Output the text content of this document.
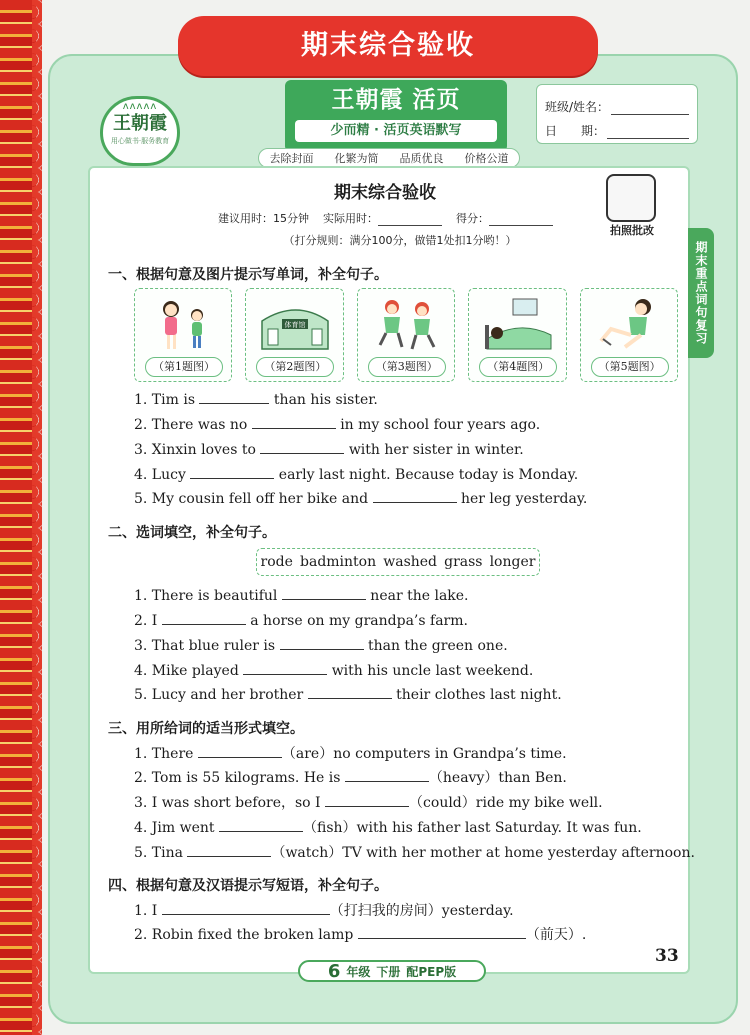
期末综合验收
ʌʌʌʌʌ
王朝霞
用心做书·服务教育
王朝霞 活页
少而精 · 活页英语默写
班级/姓名：
日　　期：
去除封面 化繁为简 品质优良 价格公道
期末重点词句复习
期末综合验收
拍照批改
建议用时：15分钟 实际用时：	得分：
（打分规则：满分100分，做错1处扣1分哟！）
一、根据句意及图片提示写单词，补全句子。
（第1题图）
体育馆
（第2题图）	（第3题图）	（第4题图）	（第5题图）
1. Tim is	than his sister.
2. There was no	in my school four years ago.
3. Xinxin loves to	with her sister in winter.
4. Lucy	early last night. Because today is Monday.
5. My cousin fell off her bike and	her leg yesterday.
二、选词填空，补全句子。
rode badminton washed grass longer
1. There is beautiful	near the lake.
2. I	a horse on my grandpa’s farm.
3. That blue ruler is	than the green one.
4. Mike played	with his uncle last weekend.
5. Lucy and her brother	their clothes last night.
三、用所给词的适当形式填空。
1. There	（are）no computers in Grandpa’s time.
2. Tom is 55 kilograms. He is	（heavy）than Ben.
3. I was short before，so I	（could）ride my bike well.
4. Jim went	（fish）with his father last Saturday. It was fun.
5. Tina	（watch）TV with her mother at home yesterday afternoon.
四、根据句意及汉语提示写短语，补全句子。
1. I	（打扫我的房间）yesterday.
2. Robin fixed the broken lamp	（前天）.
6 年级 下册 配PEP版
33
